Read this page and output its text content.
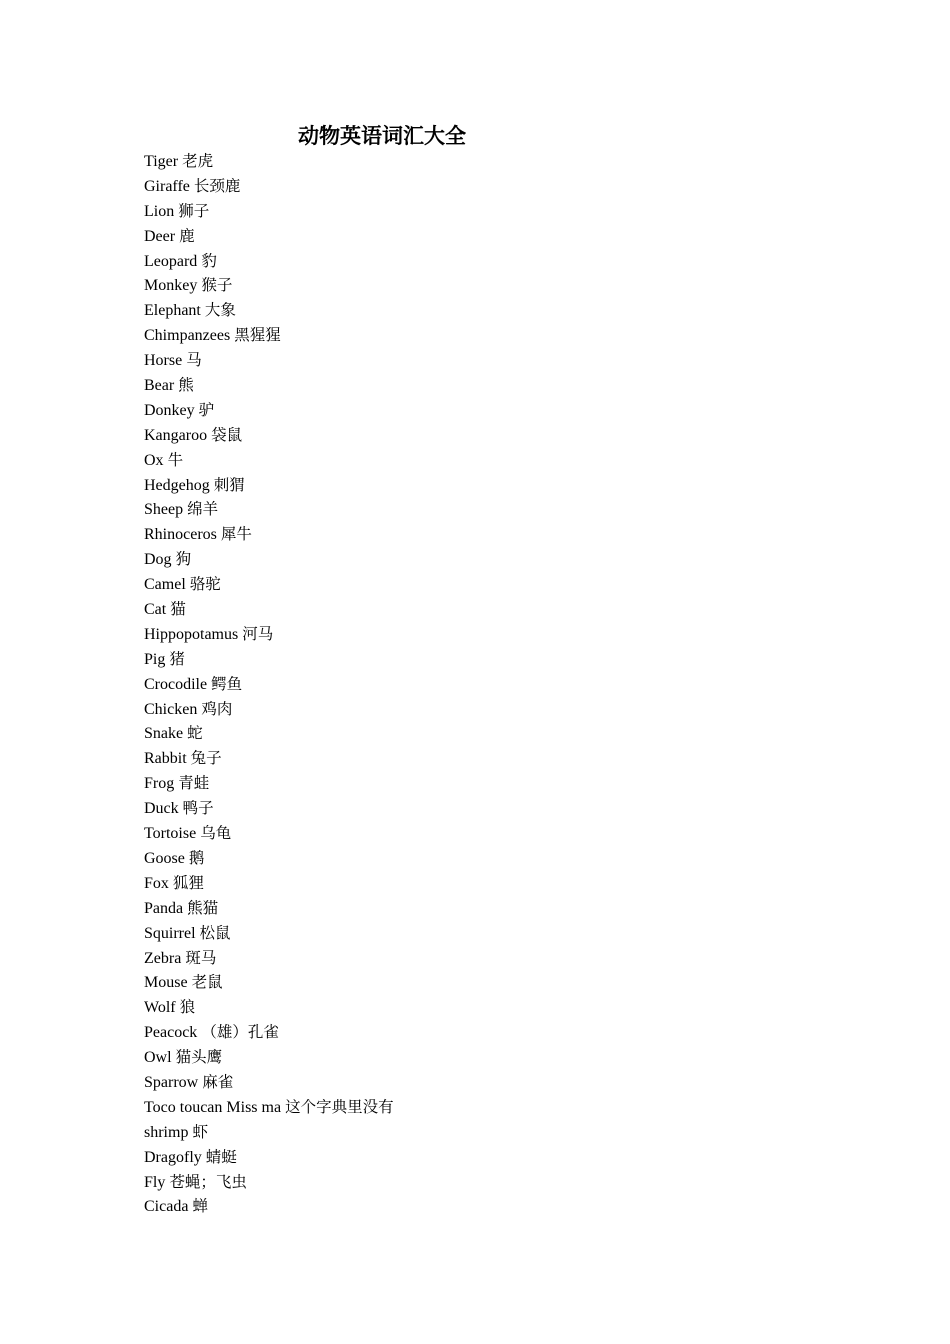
动物英语词汇大全
Tiger 老虎
Giraffe 长颈鹿
Lion 狮子
Deer 鹿
Leopard 豹
Monkey 猴子
Elephant 大象
Chimpanzees 黑猩猩
Horse 马
Bear 熊
Donkey 驴
Kangaroo 袋鼠
Ox 牛
Hedgehog 刺猬
Sheep 绵羊
Rhinoceros 犀牛
Dog 狗
Camel 骆驼
Cat 猫
Hippopotamus 河马
Pig 猪
Crocodile 鳄鱼
Chicken 鸡肉
Snake 蛇
Rabbit 兔子
Frog 青蛙
Duck 鸭子
Tortoise 乌龟
Goose 鹅
Fox 狐狸
Panda 熊猫
Squirrel 松鼠
Zebra 斑马
Mouse 老鼠
Wolf 狼
Peacock （雄）孔雀
Owl 猫头鹰
Sparrow 麻雀
Toco toucan Miss ma 这个字典里没有
shrimp 虾
Dragofly 蜻蜓
Fly 苍蝇；飞虫
Cicada 蝉
